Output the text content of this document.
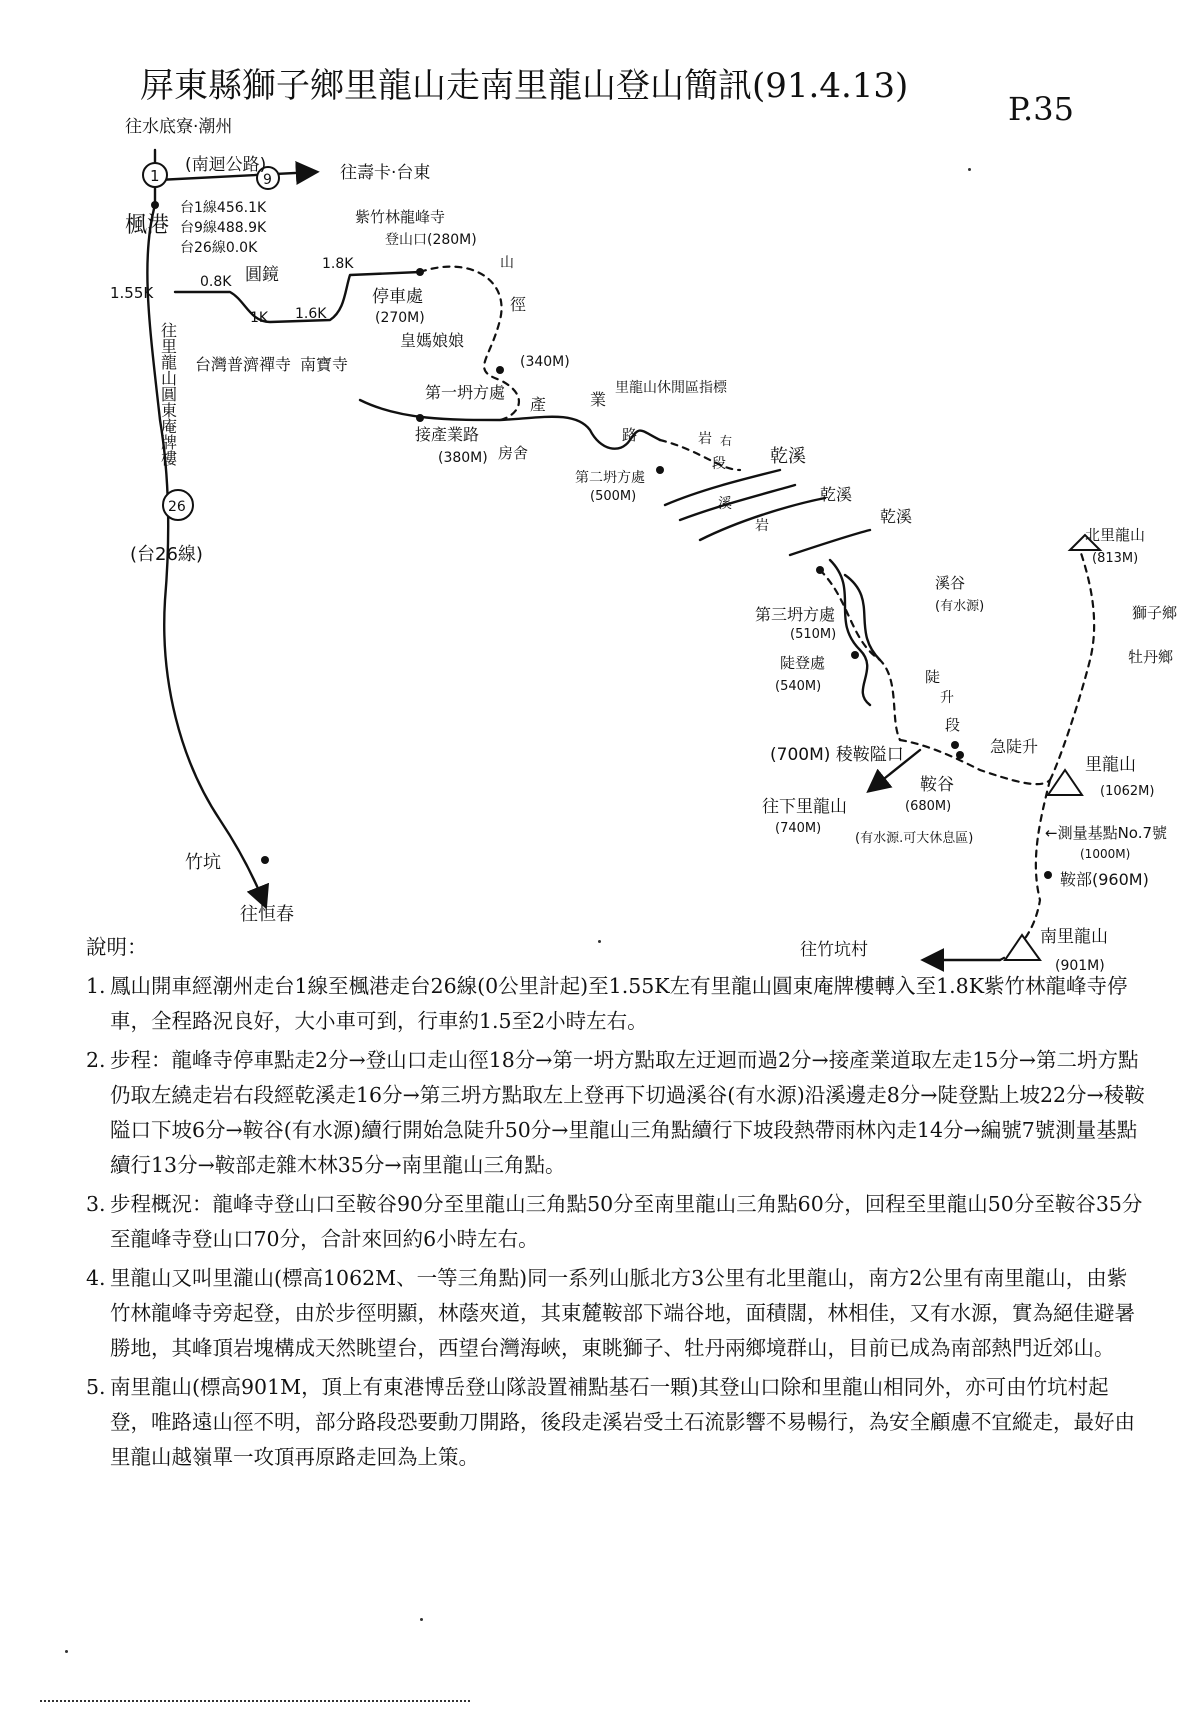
屏東縣獅子鄉里龍山走南里龍山登山簡訊(91.4.13)
P.35
1	9
26
往水底寮‧潮州
(南迴公路)	往壽卡‧台東
楓港
台1線456.1K
台9線488.9K
台26線0.0K
1.55K
0.8K 圓鏡
1K 1.6K
1.8K
台灣普濟禪寺 南寶寺
紫竹林龍峰寺
登山口(280M)
停車處
(270M)
皇媽娘娘
山
徑
第一坍方處
(340M)
接產業路
(380M)
產	業
路
房舍
里龍山休閒區指標
第二坍方處
(500M)
岩 右
段 乾溪
溪
岩
乾溪
乾溪
第三坍方處
(510M)
溪谷
(有水源)
陡登處
(540M)
陡
升
段
(700M) 稜鞍隘口	急陡升
往下里龍山
(740M)
鞍谷
(680M)
(有水源.可大休息區)
里龍山
(1062M)
←測量基點No.7號
(1000M)
鞍部(960M)
南里龍山
(901M)
往竹坑村
北里龍山
(813M)
獅子鄉
牡丹鄉
竹坑
往恒春
(台26線)
往里龍山圓東庵牌樓
說明：
1. 鳳山開車經潮州走台1線至楓港走台26線(0公里計起)至1.55K左有里龍山圓東庵牌樓轉入至1.8K紫竹林龍峰寺停車，全程路況良好，大小車可到，行車約1.5至2小時左右。
2. 步程：龍峰寺停車點走2分→登山口走山徑18分→第一坍方點取左迂迴而過2分→接產業道取左走15分→第二坍方點仍取左繞走岩右段經乾溪走16分→第三坍方點取左上登再下切過溪谷(有水源)沿溪邊走8分→陡登點上坡22分→稜鞍隘口下坡6分→鞍谷(有水源)續行開始急陡升50分→里龍山三角點續行下坡段熱帶雨林內走14分→編號7號測量基點續行13分→鞍部走雜木林35分→南里龍山三角點。
3. 步程概況：龍峰寺登山口至鞍谷90分至里龍山三角點50分至南里龍山三角點60分，回程至里龍山50分至鞍谷35分至龍峰寺登山口70分，合計來回約6小時左右。
4. 里龍山又叫里瀧山(標高1062M、一等三角點)同一系列山脈北方3公里有北里龍山，南方2公里有南里龍山，由紫竹林龍峰寺旁起登，由於步徑明顯，林蔭夾道，其東麓鞍部下端谷地，面積闊，林相佳，又有水源，實為絕佳避暑勝地，其峰頂岩塊構成天然眺望台，西望台灣海峽，東眺獅子、牡丹兩鄉境群山，目前已成為南部熱門近郊山。
5. 南里龍山(標高901M，頂上有東港博岳登山隊設置補點基石一顆)其登山口除和里龍山相同外，亦可由竹坑村起登，唯路遠山徑不明，部分路段恐要動刀開路，後段走溪岩受土石流影響不易暢行，為安全顧慮不宜縱走，最好由里龍山越嶺單一攻頂再原路走回為上策。
